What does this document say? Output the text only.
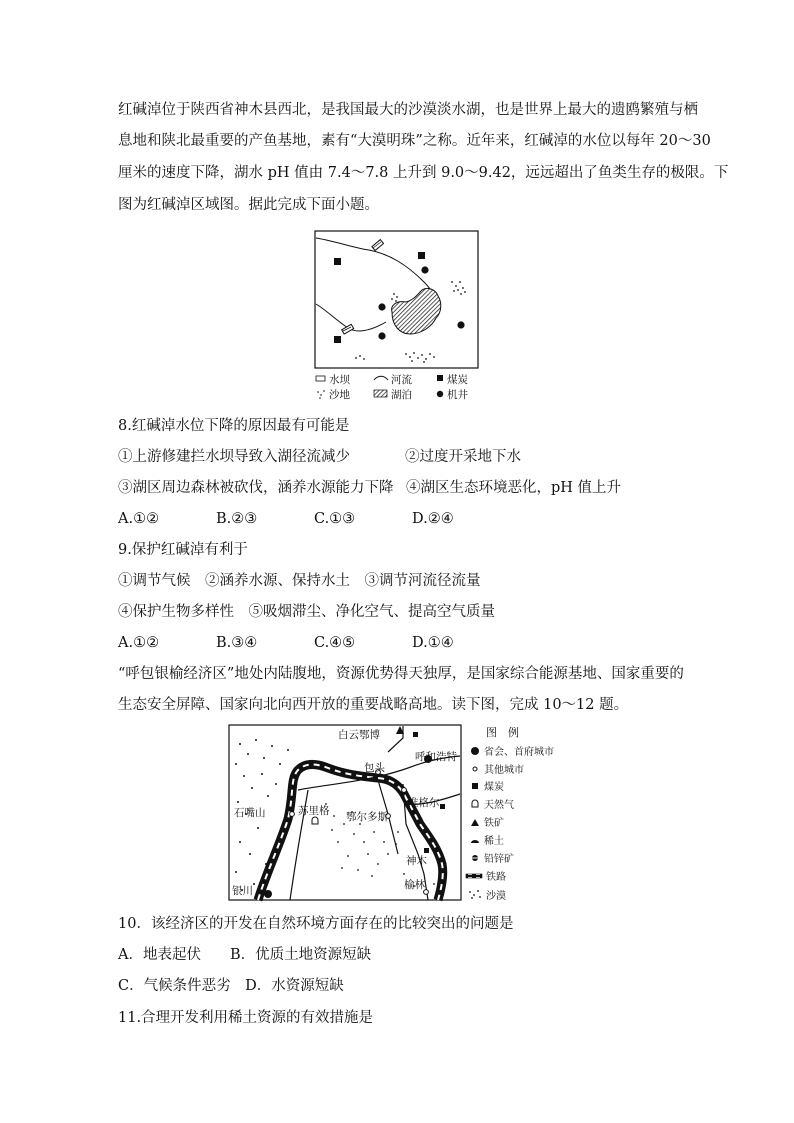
红碱淖位于陕西省神木县西北，是我国最大的沙漠淡水湖，也是世界上最大的遗鸥繁殖与栖
息地和陕北最重要的产鱼基地，素有“大漠明珠”之称。近年来，红碱淖的水位以每年 20～30
厘米的速度下降，湖水 pH 值由 7.4～7.8 上升到 9.0～9.42，远远超出了鱼类生存的极限。下
图为红碱淖区域图。据此完成下面小题。
水坝	河流	煤炭
沙地	湖泊	机井
8.红碱淖水位下降的原因最有可能是
①上游修建拦水坝导致入湖径流减少	②过度开采地下水
③湖区周边森林被砍伐，涵养水源能力下降 ④湖区生态环境恶化，pH 值上升
A.①②	B.②③	C.①③	D.②④
9.保护红碱淖有利于
①调节气候　②涵养水源、保持水土　③调节河流径流量
④保护生物多样性　⑤吸烟滞尘、净化空气、提高空气质量
A.①②	B.③④	C.④⑤	D.①④
“呼包银榆经济区”地处内陆腹地，资源优势得天独厚，是国家综合能源基地、国家重要的
生态安全屏障、国家向北向西开放的重要战略高地。读下图，完成 10～12 题。
白云鄂博
呼和浩特
包头
准格尔
石嘴山	苏里格 鄂尔多斯
神木
银川	榆林
图　例
省会、首府城市
其他城市
煤炭
天然气
铁矿
稀土
铅锌矿
铁路
沙漠
10．该经济区的开发在自然环境方面存在的比较突出的问题是
A．地表起伏　　B．优质土地资源短缺
C．气候条件恶劣　D．水资源短缺
11.合理开发利用稀土资源的有效措施是
